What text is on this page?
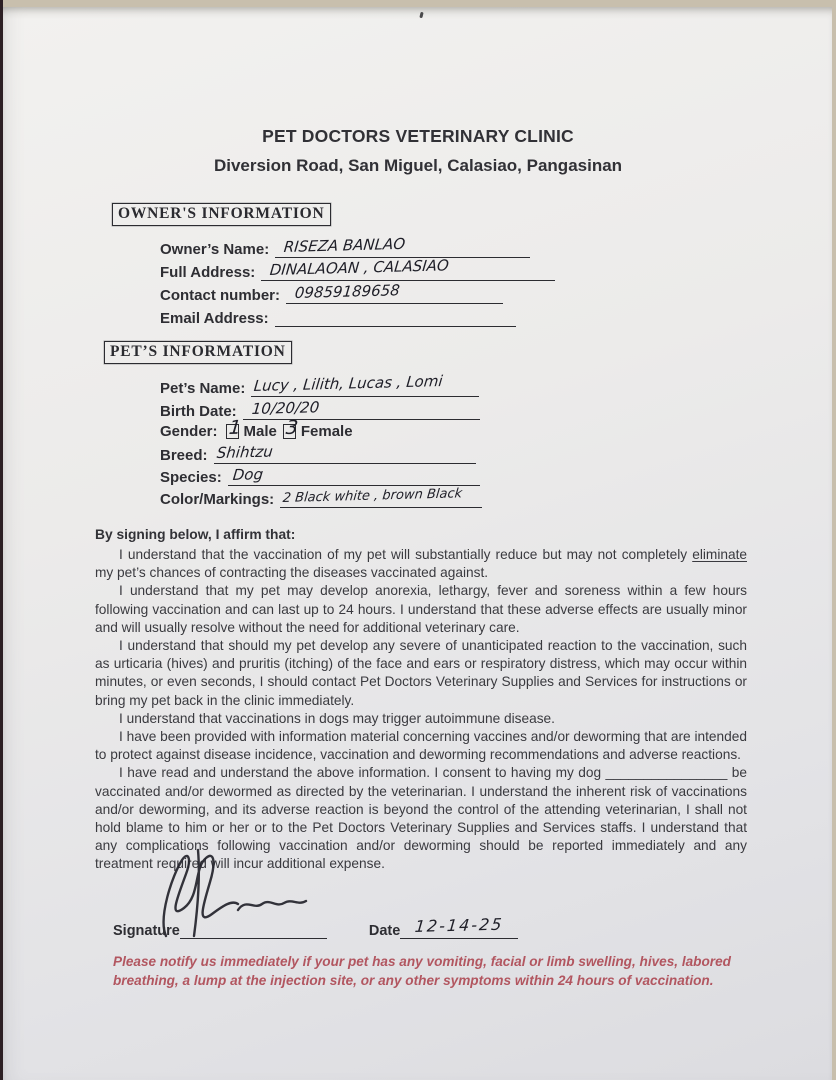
PET DOCTORS VETERINARY CLINIC
Diversion Road, San Miguel, Calasiao, Pangasinan
OWNER'S INFORMATION
Owner’s Name: RISEZA BANLAO
Full Address: DINALAOAN , CALASIAO
Contact number: 09859189658
Email Address:
PET’S INFORMATION
Pet’s Name: Lucy , Lilith, Lucas , Lomi
Birth Date: 10/20/20
Gender: 1 Male 3 Female
Breed: Shihtzu
Species: Dog
Color/Markings: 2 Black white , brown Black
By signing below, I affirm that:

I understand that the vaccination of my pet will substantially reduce but may not completely eliminate my pet’s chances of contracting the diseases vaccinated against.

I understand that my pet may develop anorexia, lethargy, fever and soreness within a few hours following vaccination and can last up to 24 hours. I understand that these adverse effects are usually minor and will usually resolve without the need for additional veterinary care.

I understand that should my pet develop any severe of unanticipated reaction to the vaccination, such as urticaria (hives) and pruritis (itching) of the face and ears or respiratory distress, which may occur within minutes, or even seconds, I should contact Pet Doctors Veterinary Supplies and Services for instructions or bring my pet back in the clinic immediately.

I understand that vaccinations in dogs may trigger autoimmune disease.

I have been provided with information material concerning vaccines and/or deworming that are intended to protect against disease incidence, vaccination and deworming recommendations and adverse reactions.

I have read and understand the above information. I consent to having my dog ________________ be vaccinated and/or dewormed as directed by the veterinarian. I understand the inherent risk of vaccinations and/or deworming, and its adverse reaction is beyond the control of the attending veterinarian, I shall not hold blame to him or her or to the Pet Doctors Veterinary Supplies and Services staffs. I understand that any complications following vaccination and/or deworming should be reported immediately and any treatment required will incur additional expense.

Signature	Date 12-14-25
Please notify us immediately if your pet has any vomiting, facial or limb swelling, hives, labored breathing, a lump at the injection site, or any other symptoms within 24 hours of vaccination.
